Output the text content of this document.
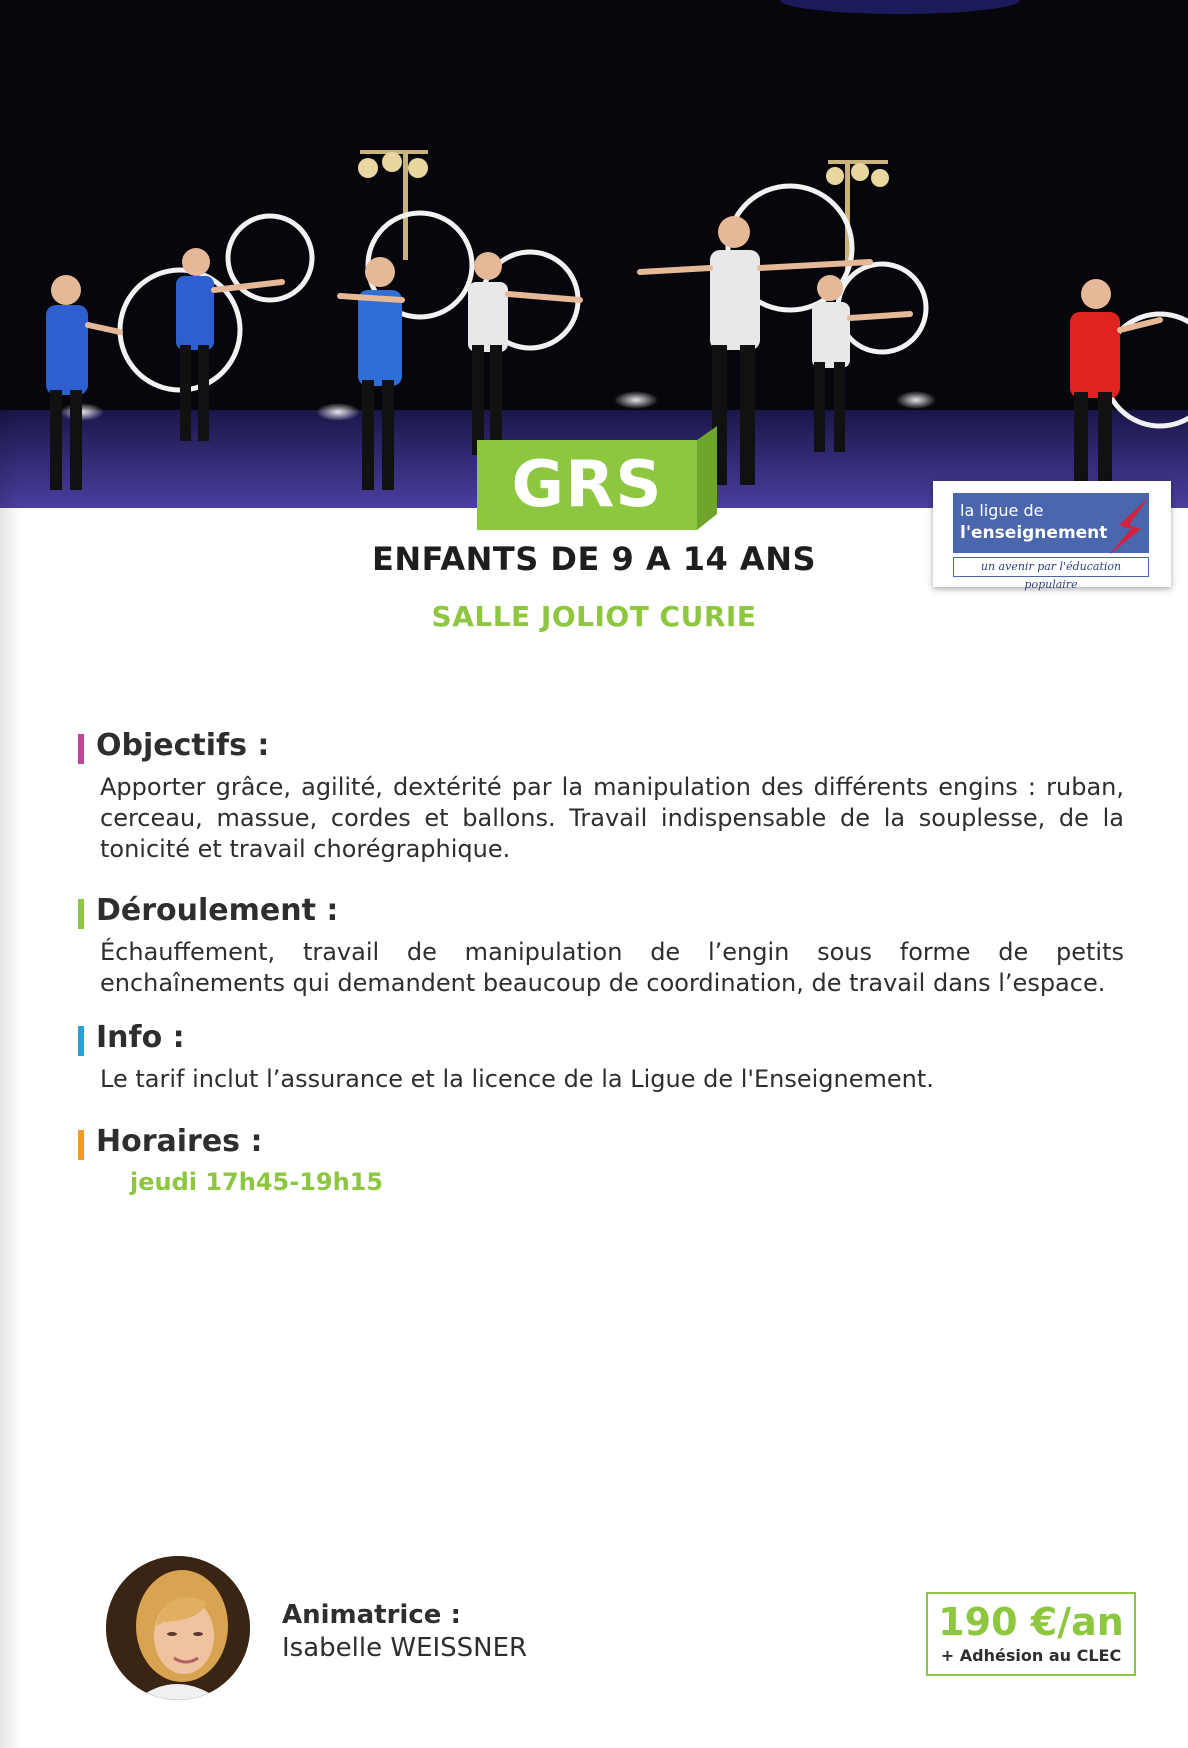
GRS	la ligue de
l'enseignement
un avenir par l'éducation populaire
ENFANTS DE 9 A 14 ANS
SALLE JOLIOT CURIE
Objectifs :
Apporter grâce, agilité, dextérité par la manipulation des différents engins : ruban, cerceau, massue, cordes et ballons. Travail indispensable de la souplesse, de la tonicité et travail chorégraphique.
Déroulement :
Échauffement, travail de manipulation de l’engin sous forme de petits enchaînements qui demandent beaucoup de coordination, de travail dans l’espace.
Info :
Le tarif inclut l’assurance et la licence de la Ligue de l'Enseignement.
Horaires :
jeudi 17h45-19h15
Animatrice :
Isabelle WEISSNER
190 €/an
+ Adhésion au CLEC
